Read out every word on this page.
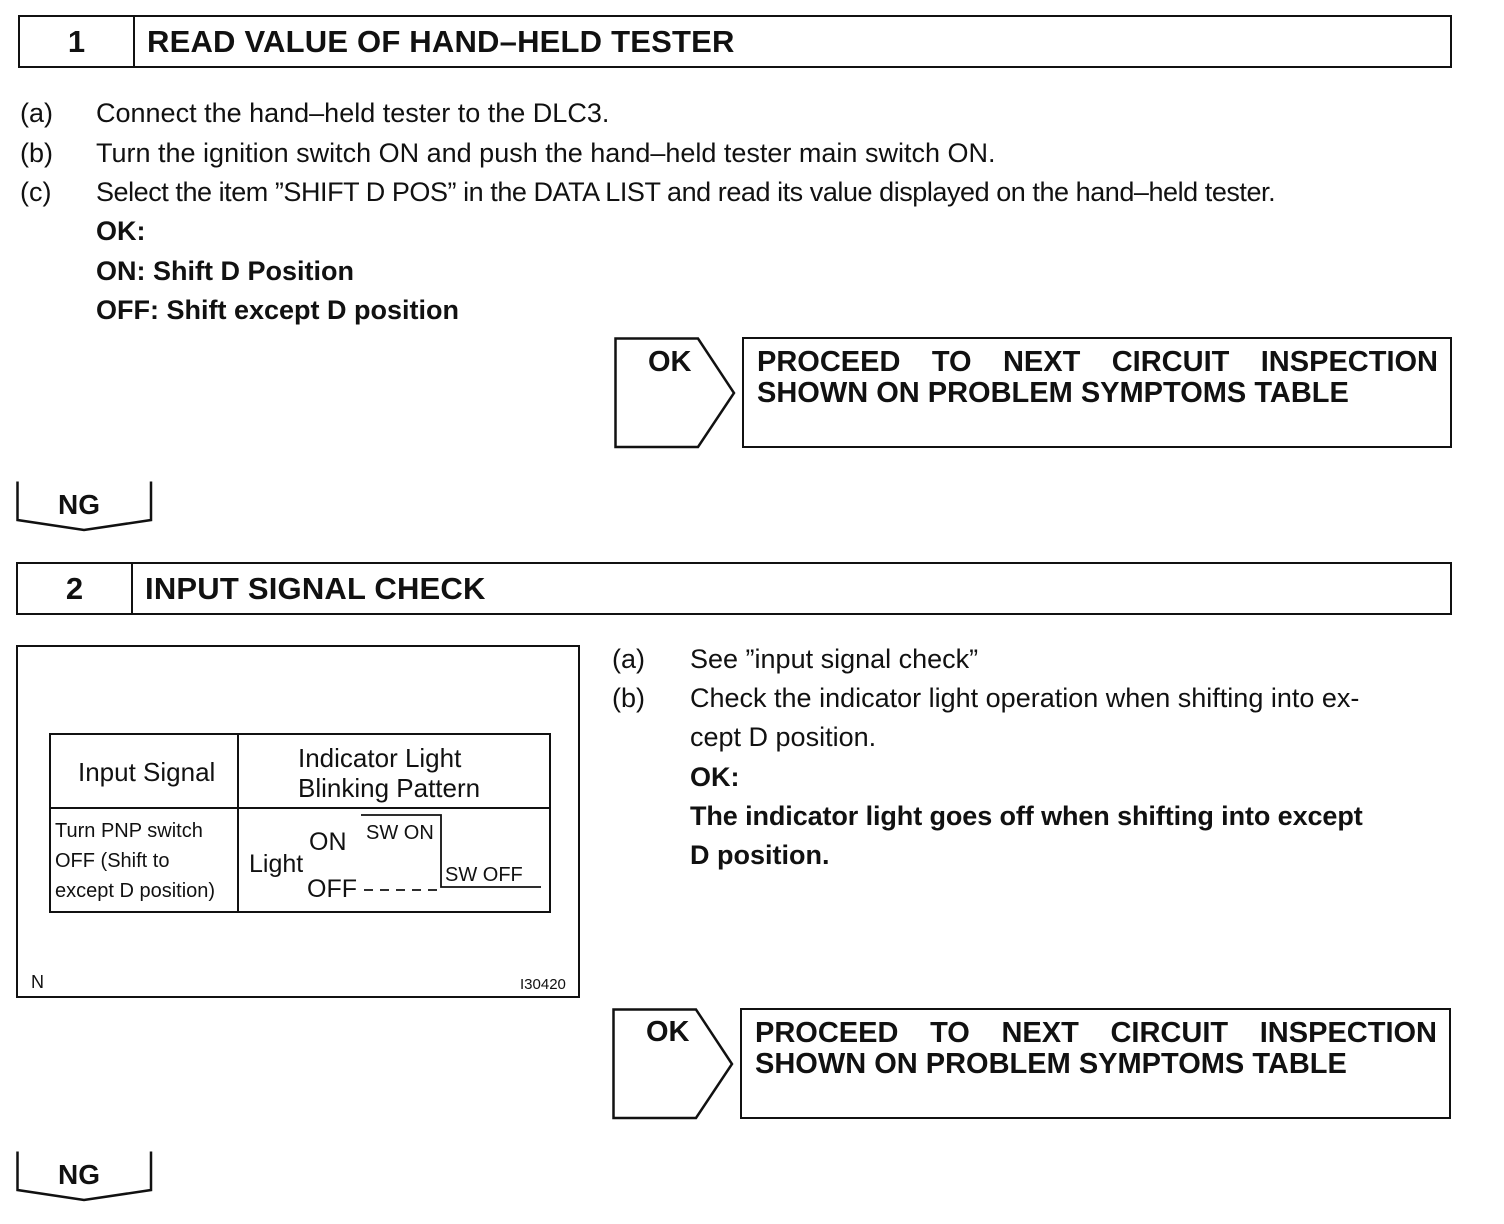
1	READ VALUE OF HAND–HELD TESTER
(a) Connect the hand–held tester to the DLC3.
(b) Turn the ignition switch ON and push the hand–held tester main switch ON.
(c) Select the item ”SHIFT D POS” in the DATA LIST and read its value displayed on the hand–held tester.
OK:
ON: Shift D Position
OFF: Shift except D position
OK PROCEED TO NEXT CIRCUIT INSPECTION
SHOWN ON PROBLEM SYMPTOMS TABLE
NG
2	INPUT SIGNAL CHECK
Input Signal	Indicator Light
Blinking Pattern
Turn PNP switch
OFF (Shift to
except D position)
Light
ON
OFF
SW ON
SW OFF
N	I30420
(a) See ”input signal check”
(b) Check the indicator light operation when shifting into ex-
cept D position.
OK:
The indicator light goes off when shifting into except
D position.
OK PROCEED TO NEXT CIRCUIT INSPECTION
SHOWN ON PROBLEM SYMPTOMS TABLE
NG
